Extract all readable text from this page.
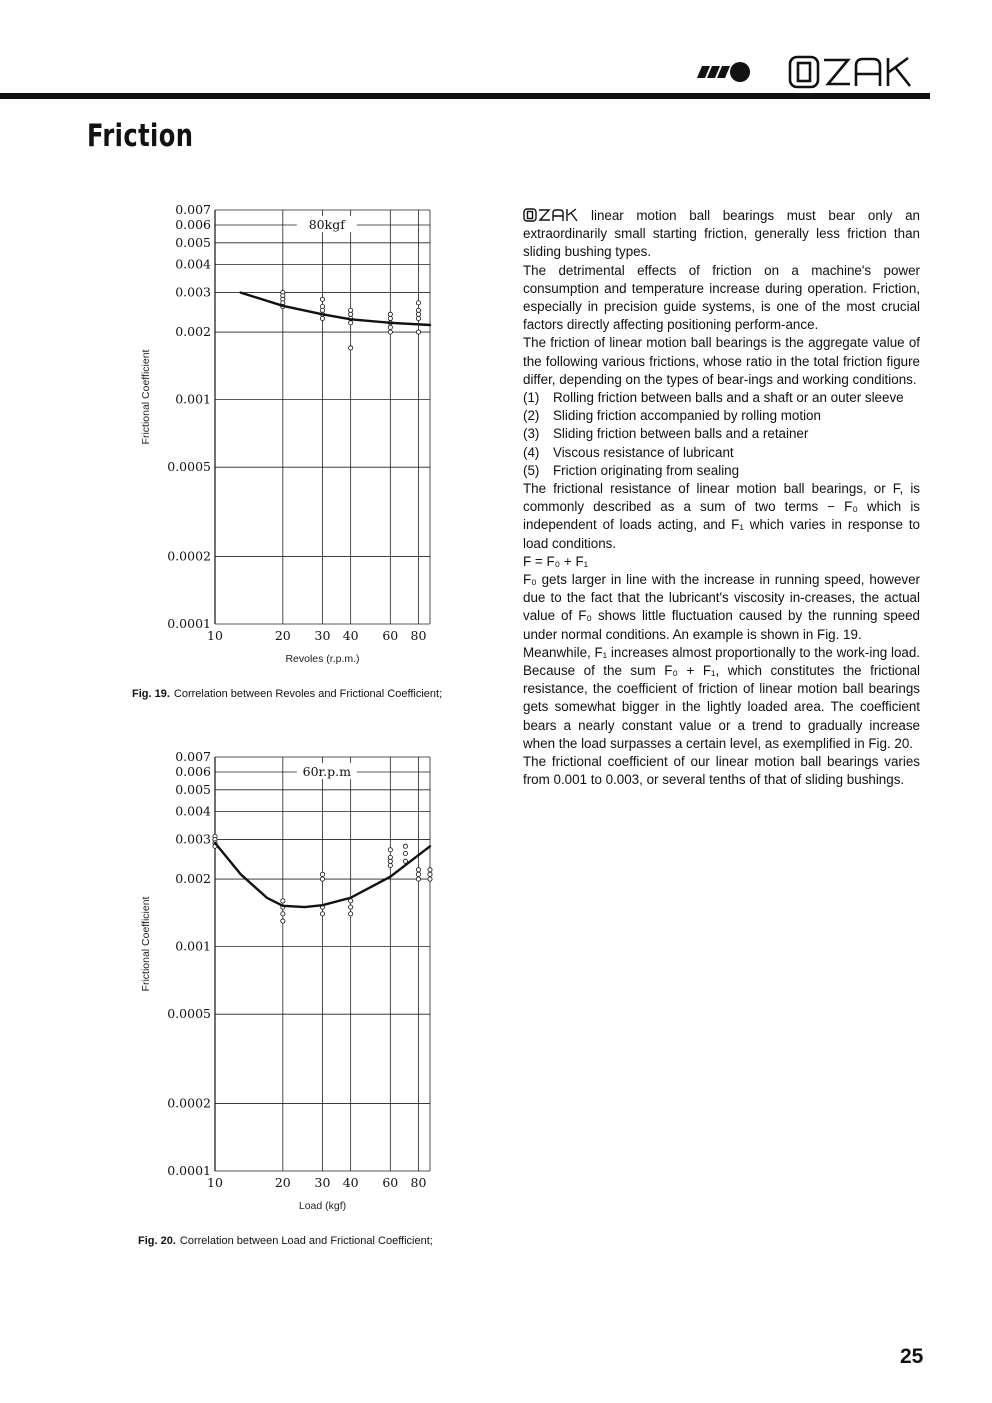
Friction
0.007
0.006
0.005
0.004
0.003
0.002
0.001
0.0005
0.0002
0.0001
10	20 30 40 60 80
80kgf
Revoles (r.p.m.)
Frictional Coefficient
Fig. 19. Correlation between Revoles and Frictional Coefficient;
0.007
0.006
0.005
0.004
0.003
0.002
0.001
0.0005
0.0002
0.0001
10	20 30 40 60 80
60r.p.m
Load (kgf)
Frictional Coefficient
Fig. 20. Correlation between Load and Frictional Coefficient;

linear motion ball bearings must bear only an extraordinarily small starting friction, generally less friction than sliding bushing types.

The detrimental effects of friction on a machine's power consumption and temperature increase during operation. Friction, especially in precision guide systems, is one of the most crucial factors directly affecting positioning perform-ance.

The friction of linear motion ball bearings is the aggregate value of the following various frictions, whose ratio in the total friction figure differ, depending on the types of bear-ings and working conditions.

(1)	Rolling friction between balls and a shaft or an outer sleeve
(2)	Sliding friction accompanied by rolling motion
(3)	Sliding friction between balls and a retainer
(4)	Viscous resistance of lubricant
(5)	Friction originating from sealing

The frictional resistance of linear motion ball bearings, or F, is commonly described as a sum of two terms − F₀ which is independent of loads acting, and F₁ which varies in response to load conditions.

F = F₀ + F₁

F₀ gets larger in line with the increase in running speed, however due to the fact that the lubricant's viscosity in-creases, the actual value of F₀ shows little fluctuation caused by the running speed under normal conditions. An example is shown in Fig. 19.

Meanwhile, F₁ increases almost proportionally to the work-ing load. Because of the sum F₀ + F₁, which constitutes the frictional resistance, the coefficient of friction of linear motion ball bearings gets somewhat bigger in the lightly loaded area. The coefficient bears a nearly constant value or a trend to gradually increase when the load surpasses a certain level, as exemplified in Fig. 20.

The frictional coefficient of our linear motion ball bearings varies from 0.001 to 0.003, or several tenths of that of sliding bushings.

25
